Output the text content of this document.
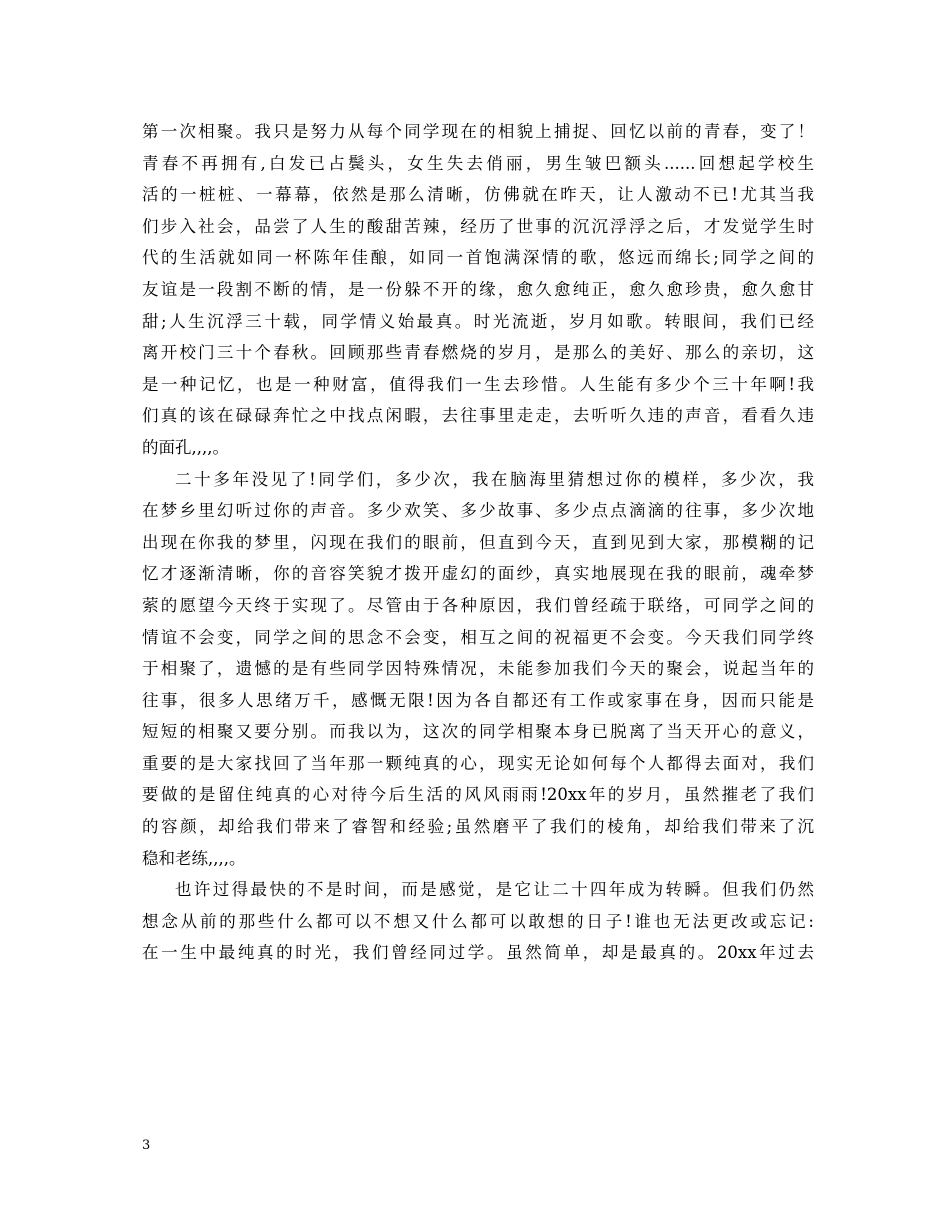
第一次相聚。我只是努力从每个同学现在的相貌上捕捉、回忆以前的青春，变了！
青春不再拥有,白发已占鬓头，女生失去俏丽，男生皱巴额头......回想起学校生
活的一桩桩、一幕幕，依然是那么清晰，仿佛就在昨天，让人激动不已!尤其当我
们步入社会，品尝了人生的酸甜苦辣，经历了世事的沉沉浮浮之后，才发觉学生时
代的生活就如同一杯陈年佳酿，如同一首饱满深情的歌，悠远而绵长;同学之间的
友谊是一段割不断的情，是一份躲不开的缘，愈久愈纯正，愈久愈珍贵，愈久愈甘
甜;人生沉浮三十载，同学情义始最真。时光流逝，岁月如歌。转眼间，我们已经
离开校门三十个春秋。回顾那些青春燃烧的岁月，是那么的美好、那么的亲切，这
是一种记忆，也是一种财富，值得我们一生去珍惜。人生能有多少个三十年啊!我
们真的该在碌碌奔忙之中找点闲暇，去往事里走走，去听听久违的声音，看看久违
的面孔,,,,。
二十多年没见了!同学们，多少次，我在脑海里猜想过你的模样，多少次，我
在梦乡里幻听过你的声音。多少欢笑、多少故事、多少点点滴滴的往事，多少次地
出现在你我的梦里，闪现在我们的眼前，但直到今天，直到见到大家，那模糊的记
忆才逐渐清晰，你的音容笑貌才拨开虚幻的面纱，真实地展现在我的眼前，魂牵梦
萦的愿望今天终于实现了。尽管由于各种原因，我们曾经疏于联络，可同学之间的
情谊不会变，同学之间的思念不会变，相互之间的祝福更不会变。今天我们同学终
于相聚了，遗憾的是有些同学因特殊情况，未能参加我们今天的聚会，说起当年的
往事，很多人思绪万千，感慨无限!因为各自都还有工作或家事在身，因而只能是
短短的相聚又要分别。而我以为，这次的同学相聚本身已脱离了当天开心的意义，
重要的是大家找回了当年那一颗纯真的心，现实无论如何每个人都得去面对，我们
要做的是留住纯真的心对待今后生活的风风雨雨!20xx年的岁月，虽然摧老了我们
的容颜，却给我们带来了睿智和经验;虽然磨平了我们的棱角，却给我们带来了沉
稳和老练,,,,。
也许过得最快的不是时间，而是感觉，是它让二十四年成为转瞬。但我们仍然
想念从前的那些什么都可以不想又什么都可以敢想的日子!谁也无法更改或忘记:
在一生中最纯真的时光，我们曾经同过学。虽然简单，却是最真的。20xx年过去
3
